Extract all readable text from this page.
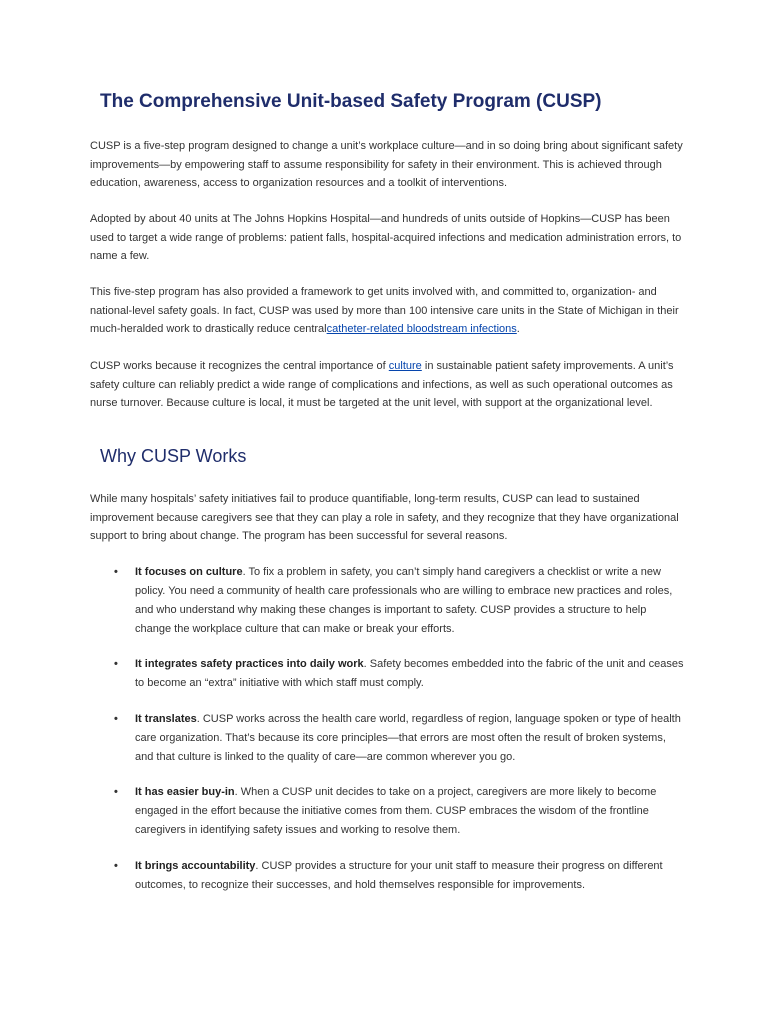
The Comprehensive Unit-based Safety Program (CUSP)

CUSP is a five-step program designed to change a unit’s workplace culture—and in so doing bring about significant safety improvements—by empowering staff to assume responsibility for safety in their environment. This is achieved through education, awareness, access to organization resources and a toolkit of interventions.

Adopted by about 40 units at The Johns Hopkins Hospital—and hundreds of units outside of Hopkins—CUSP has been used to target a wide range of problems: patient falls, hospital-acquired infections and medication administration errors, to name a few.

This five-step program has also provided a framework to get units involved with, and committed to, organization- and national-level safety goals. In fact, CUSP was used by more than 100 intensive care units in the State of Michigan in their much-heralded work to drastically reduce centralcatheter-related bloodstream infections.

CUSP works because it recognizes the central importance of culture in sustainable patient safety improvements. A unit’s safety culture can reliably predict a wide range of complications and infections, as well as such operational outcomes as nurse turnover. Because culture is local, it must be targeted at the unit level, with support at the organizational level.

Why CUSP Works

While many hospitals’ safety initiatives fail to produce quantifiable, long-term results, CUSP can lead to sustained improvement because caregivers see that they can play a role in safety, and they recognize that they have organizational support to bring about change. The program has been successful for several reasons.

• It focuses on culture. To fix a problem in safety, you can’t simply hand caregivers a checklist or write a new policy. You need a community of health care professionals who are willing to embrace new practices and roles, and who understand why making these changes is important to safety. CUSP provides a structure to help change the workplace culture that can make or break your efforts.
• It integrates safety practices into daily work. Safety becomes embedded into the fabric of the unit and ceases to become an “extra” initiative with which staff must comply.
• It translates. CUSP works across the health care world, regardless of region, language spoken or type of health care organization. That’s because its core principles—that errors are most often the result of broken systems, and that culture is linked to the quality of care—are common wherever you go.
• It has easier buy-in. When a CUSP unit decides to take on a project, caregivers are more likely to become engaged in the effort because the initiative comes from them. CUSP embraces the wisdom of the frontline caregivers in identifying safety issues and working to resolve them.
• It brings accountability. CUSP provides a structure for your unit staff to measure their progress on different outcomes, to recognize their successes, and hold themselves responsible for improvements.
